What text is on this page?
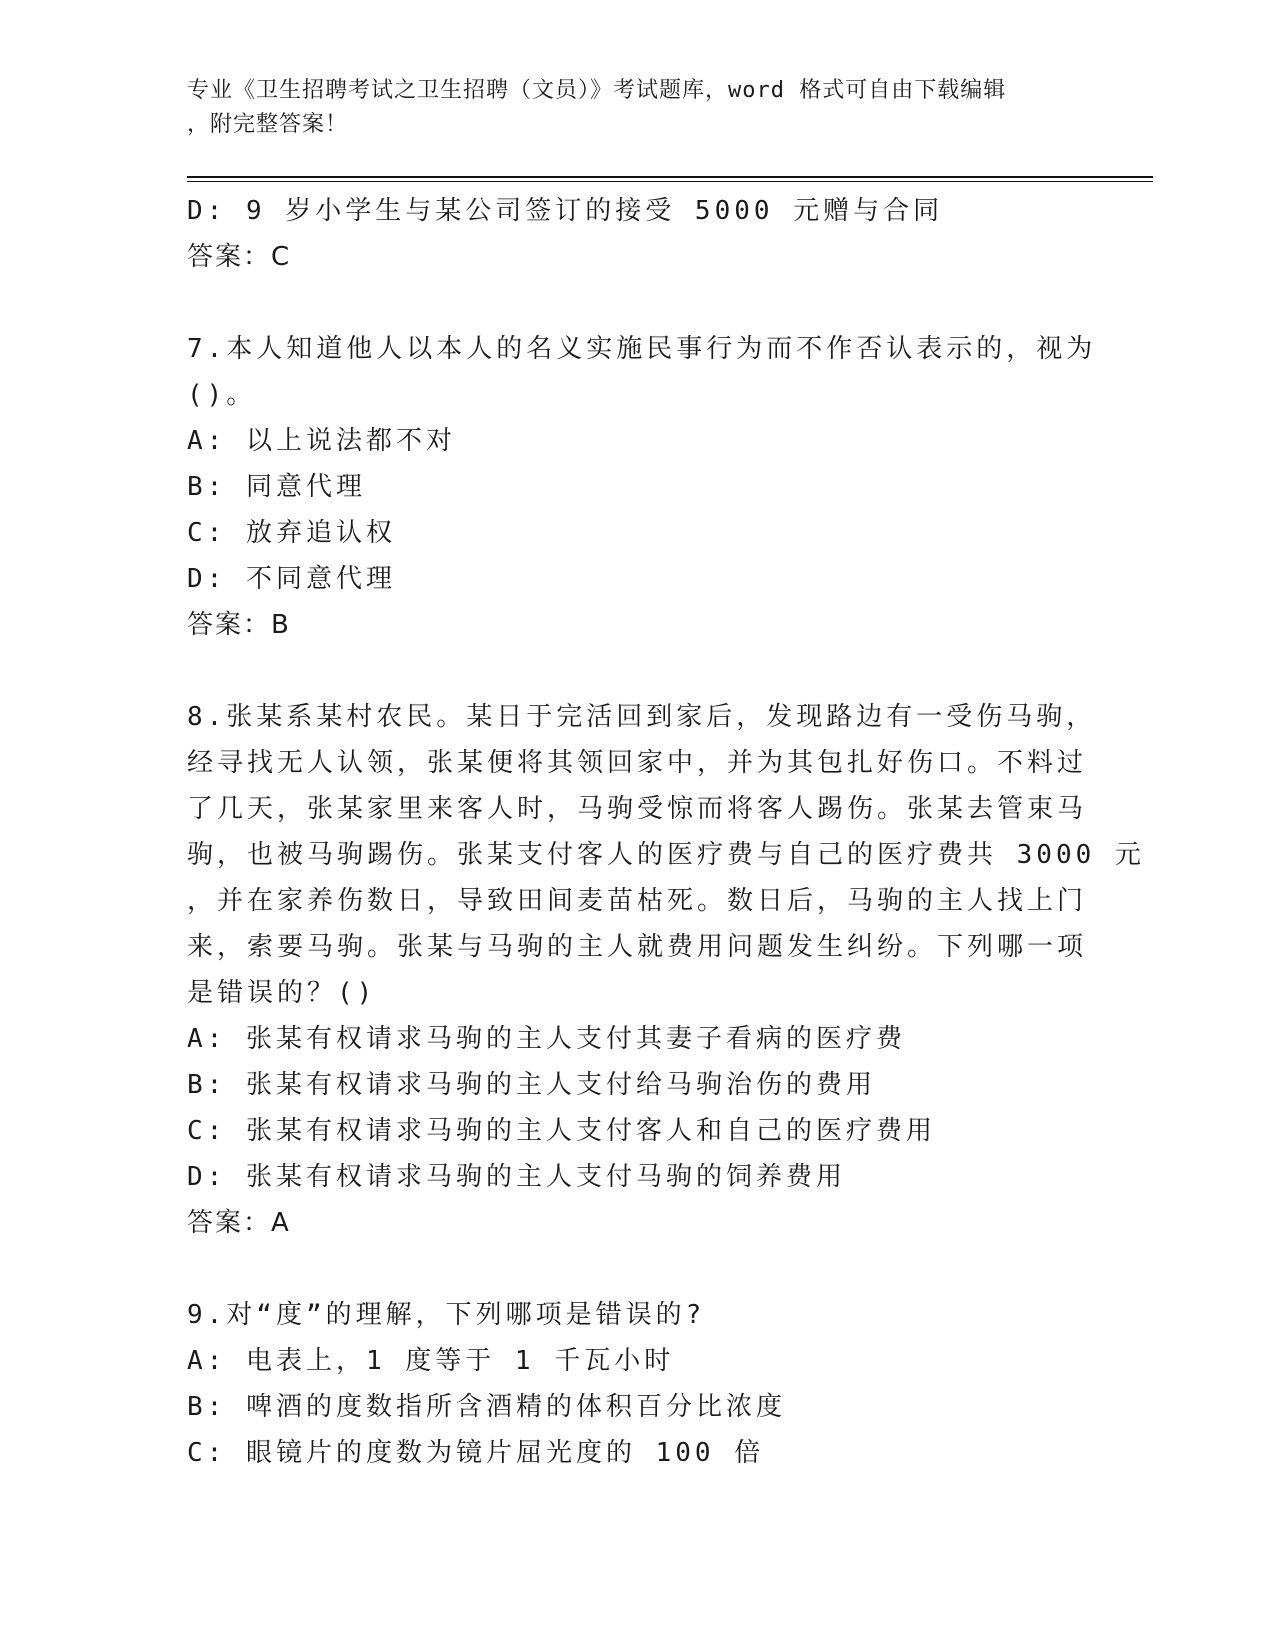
专业《卫生招聘考试之卫生招聘（文员）》考试题库，word 格式可自由下载编辑
，附完整答案！
D: 9 岁小学生与某公司签订的接受 5000 元赠与合同
答案：C
7.本人知道他人以本人的名义实施民事行为而不作否认表示的，视为
()。
A: 以上说法都不对
B: 同意代理
C: 放弃追认权
D: 不同意代理
答案：B
8.张某系某村农民。某日于完活回到家后，发现路边有一受伤马驹，
经寻找无人认领，张某便将其领回家中，并为其包扎好伤口。不料过
了几天，张某家里来客人时，马驹受惊而将客人踢伤。张某去管束马
驹，也被马驹踢伤。张某支付客人的医疗费与自己的医疗费共 3000 元
，并在家养伤数日，导致田间麦苗枯死。数日后，马驹的主人找上门
来，索要马驹。张某与马驹的主人就费用问题发生纠纷。下列哪一项
是错误的？()
A: 张某有权请求马驹的主人支付其妻子看病的医疗费
B: 张某有权请求马驹的主人支付给马驹治伤的费用
C: 张某有权请求马驹的主人支付客人和自己的医疗费用
D: 张某有权请求马驹的主人支付马驹的饲养费用
答案：A
9.对“度”的理解，下列哪项是错误的?
A: 电表上，1 度等于 1 千瓦小时
B: 啤酒的度数指所含酒精的体积百分比浓度
C: 眼镜片的度数为镜片屈光度的 100 倍
